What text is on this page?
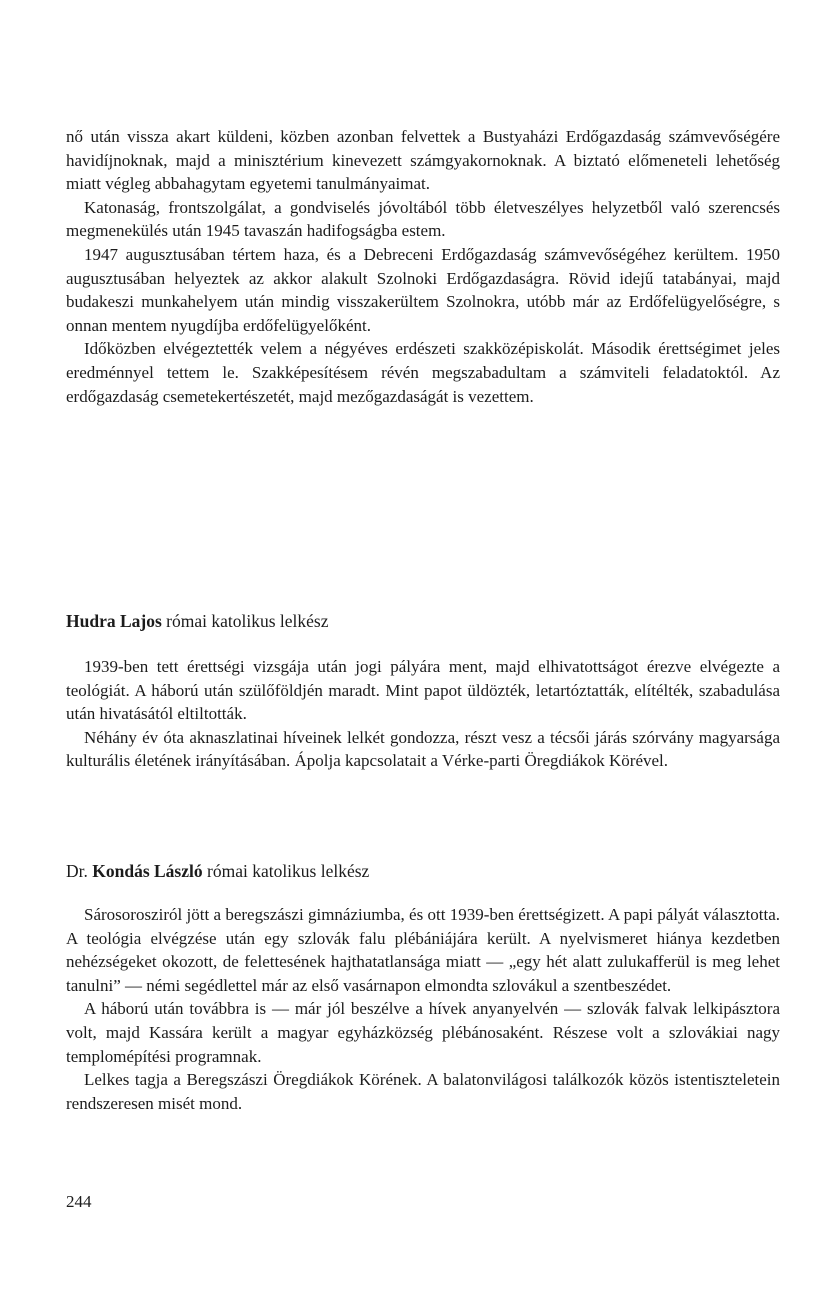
nő után vissza akart küldeni, közben azonban felvettek a Bustyaházi Erdőgazdaság számvevőségére havidíjnoknak, majd a minisztérium kinevezett számgyakornoknak. A biztató előmeneteli lehetőség miatt végleg abbahagytam egyetemi tanulmányaimat.

Katonaság, frontszolgálat, a gondviselés jóvoltából több életveszélyes helyzetből való szerencsés megmenekülés után 1945 tavaszán hadifogságba estem.

1947 augusztusában tértem haza, és a Debreceni Erdőgazdaság számvevőségéhez kerültem. 1950 augusztusában helyeztek az akkor alakult Szolnoki Erdőgazdaságra. Rövid idejű tatabányai, majd budakeszi munkahelyem után mindig visszakerültem Szolnokra, utóbb már az Erdőfelügyelőségre, s onnan mentem nyugdíjba erdőfelügyelőként.

Időközben elvégeztették velem a négyéves erdészeti szakközépiskolát. Második érettségimet jeles eredménnyel tettem le. Szakképesítésem révén megszabadultam a számviteli feladatoktól. Az erdőgazdaság csemetekertészetét, majd mezőgazdaságát is vezettem.

Hudra Lajos római katolikus lelkész

1939-ben tett érettségi vizsgája után jogi pályára ment, majd elhivatottságot érezve elvégezte a teológiát. A háború után szülőföldjén maradt. Mint papot üldözték, letartóztatták, elítélték, szabadulása után hivatásától eltiltották.

Néhány év óta aknaszlatinai híveinek lelkét gondozza, részt vesz a técsői járás szórvány magyarsága kulturális életének irányításában. Ápolja kapcsolatait a Vérke-parti Öregdiákok Körével.

Dr. Kondás László római katolikus lelkész

Sárosorosziról jött a beregszászi gimnáziumba, és ott 1939-ben érettségizett. A papi pályát választotta. A teológia elvégzése után egy szlovák falu plébániájára került. A nyelvismeret hiánya kezdetben nehézségeket okozott, de felettesének hajthatatlansága miatt — „egy hét alatt zulukafferül is meg lehet tanulni” — némi segédlettel már az első vasárnapon elmondta szlovákul a szentbeszédet.

A háború után továbbra is — már jól beszélve a hívek anyanyelvén — szlovák falvak lelkipásztora volt, majd Kassára került a magyar egyházközség plébánosaként. Részese volt a szlovákiai nagy templomépítési programnak.

Lelkes tagja a Beregszászi Öregdiákok Körének. A balatonvilágosi találkozók közös istentiszteletein rendszeresen misét mond.

244
